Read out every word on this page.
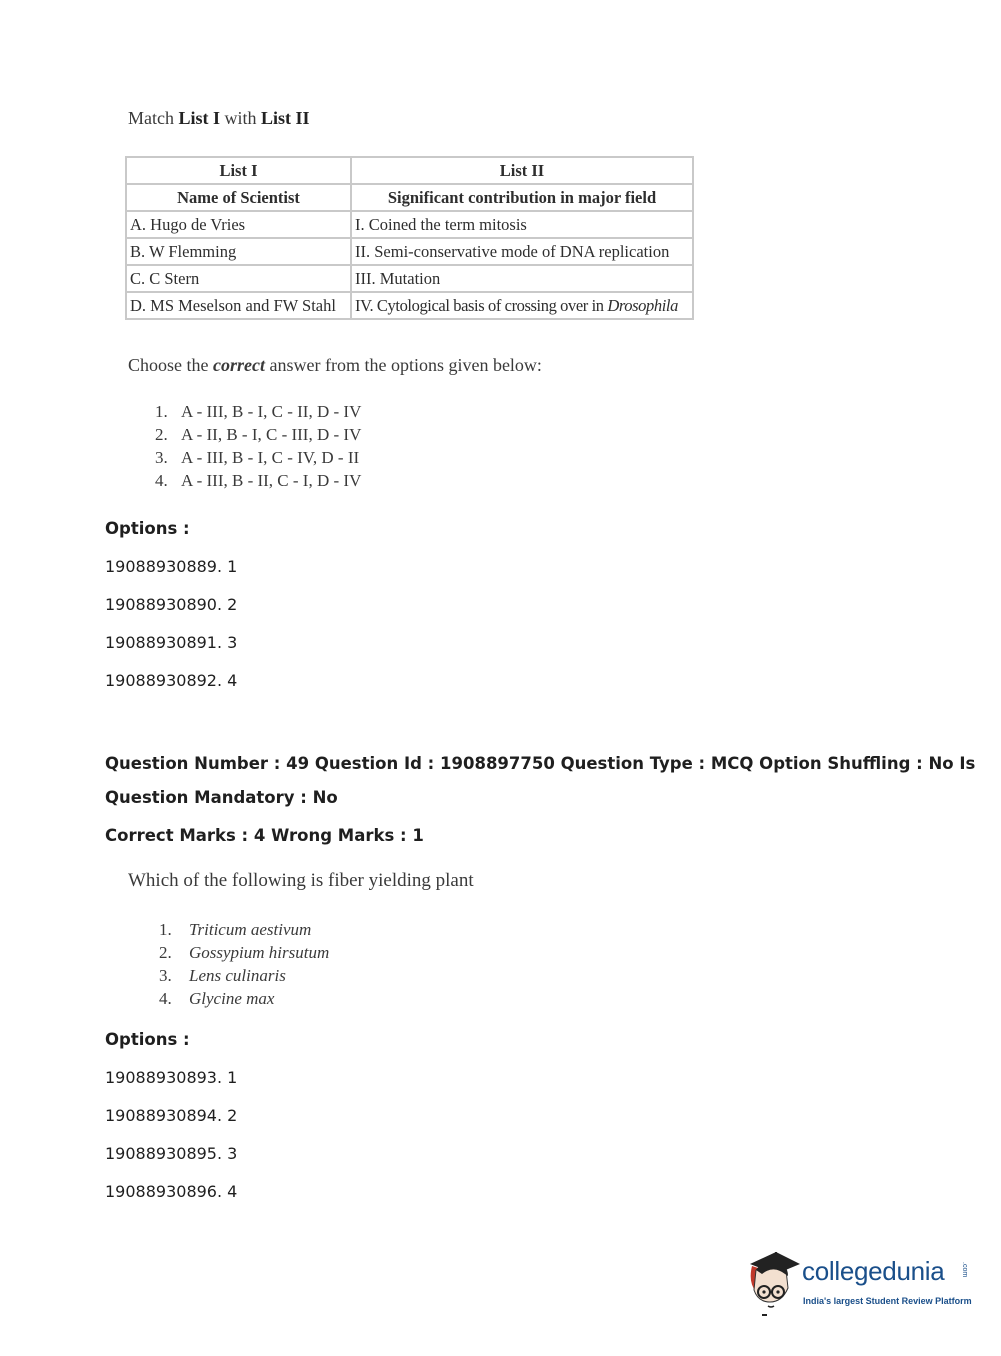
Match List I with List II
List I	List II
Name of Scientist	Significant contribution in major field
A. Hugo de Vries	I. Coined the term mitosis
B. W Flemming	II. Semi-conservative mode of DNA replication
C. C Stern	III. Mutation
D. MS Meselson and FW Stahl	IV. Cytological basis of crossing over in Drosophila
Choose the correct answer from the options given below:
1. A - III, B - I, C - II, D - IV
2. A - II, B - I, C - III, D - IV
3. A - III, B - I, C - IV, D - II
4. A - III, B - II, C - I, D - IV
Options :
19088930889. 1
19088930890. 2
19088930891. 3
19088930892. 4
Question Number : 49 Question Id : 1908897750 Question Type : MCQ Option Shuffling : No Is
Question Mandatory : No
Correct Marks : 4 Wrong Marks : 1
Which of the following is fiber yielding plant
1. Triticum aestivum
2. Gossypium hirsutum
3. Lens culinaris
4. Glycine max
Options :
19088930893. 1
19088930894. 2
19088930895. 3
19088930896. 4
collegedunia .com
India's largest Student Review Platform
